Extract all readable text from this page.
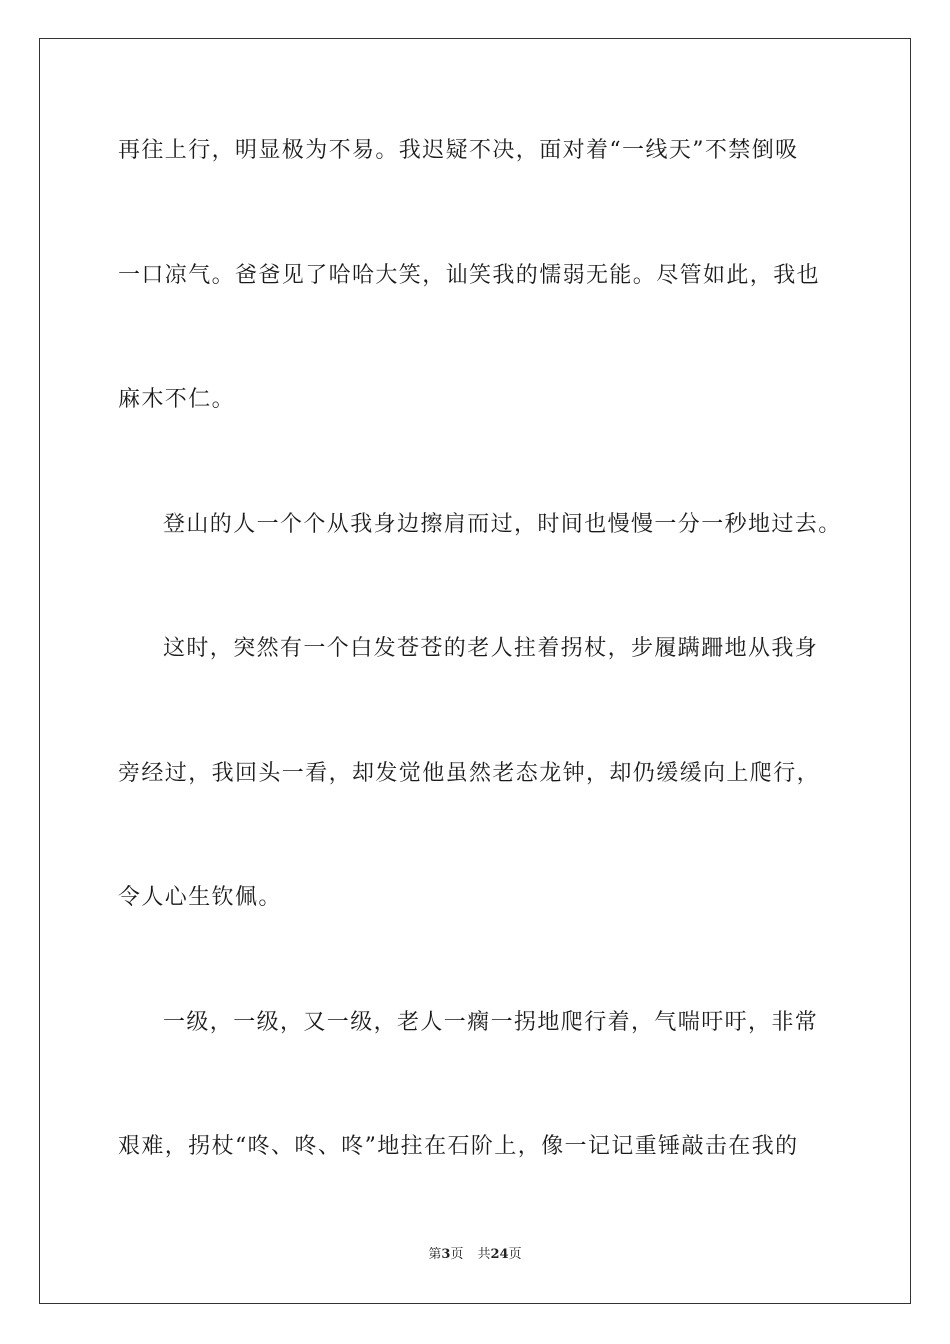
再往上行，明显极为不易。我迟疑不决，面对着“一线天”不禁倒吸
一口凉气。爸爸见了哈哈大笑，讪笑我的懦弱无能。尽管如此，我也
麻木不仁。
登山的人一个个从我身边擦肩而过，时间也慢慢一分一秒地过去。
这时，突然有一个白发苍苍的老人拄着拐杖，步履蹒跚地从我身
旁经过，我回头一看，却发觉他虽然老态龙钟，却仍缓缓向上爬行，
令人心生钦佩。
一级，一级，又一级，老人一瘸一拐地爬行着，气喘吁吁，非常
艰难，拐杖“咚、咚、咚”地拄在石阶上，像一记记重锤敲击在我的
第3页 共24页
